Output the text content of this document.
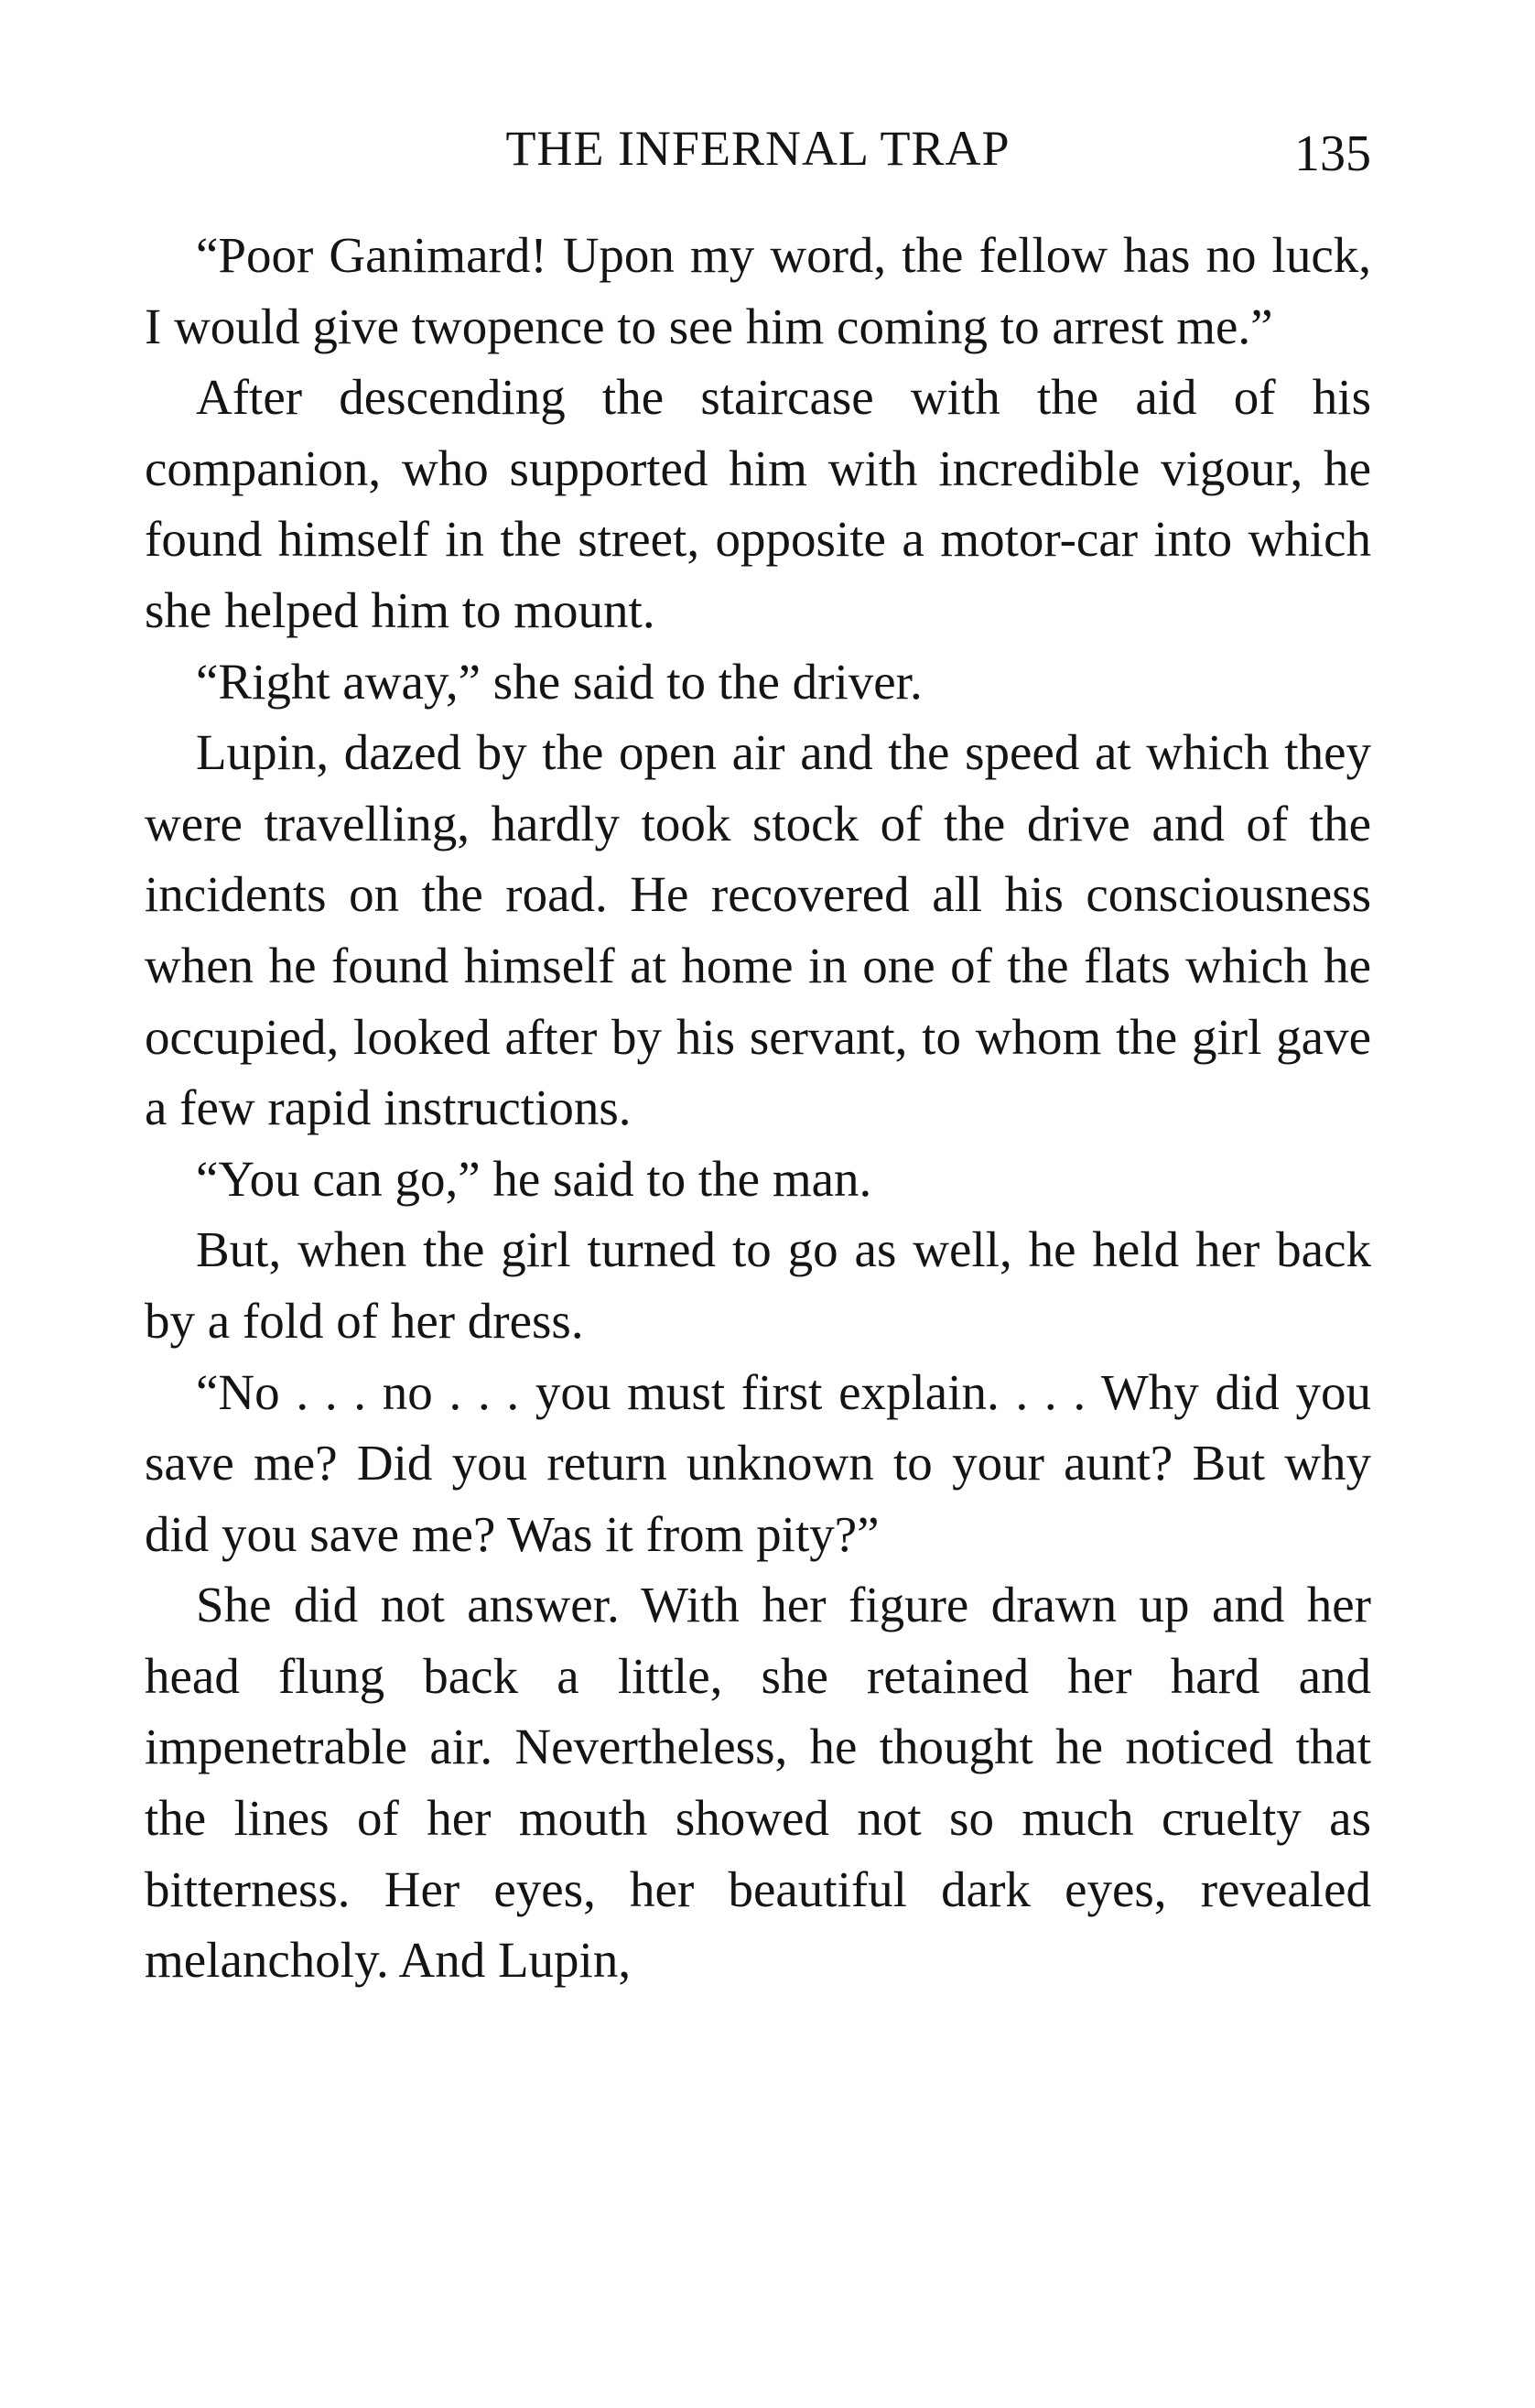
THE INFERNAL TRAP	135

“Poor Ganimard! Upon my word, the fellow has no luck, I would give twopence to see him coming to arrest me.”

After descending the staircase with the aid of his companion, who supported him with incredible vigour, he found himself in the street, opposite a motor-car into which she helped him to mount.

“Right away,” she said to the driver.

Lupin, dazed by the open air and the speed at which they were travelling, hardly took stock of the drive and of the incidents on the road. He recovered all his consciousness when he found himself at home in one of the flats which he occupied, looked after by his servant, to whom the girl gave a few rapid instructions.

“You can go,” he said to the man.

But, when the girl turned to go as well, he held her back by a fold of her dress.

“No . . . no . . . you must first explain. . . . Why did you save me? Did you return unknown to your aunt? But why did you save me? Was it from pity?”

She did not answer. With her figure drawn up and her head flung back a little, she retained her hard and impenetrable air. Nevertheless, he thought he noticed that the lines of her mouth showed not so much cruelty as bitterness. Her eyes, her beautiful dark eyes, revealed melancholy. And Lupin,
